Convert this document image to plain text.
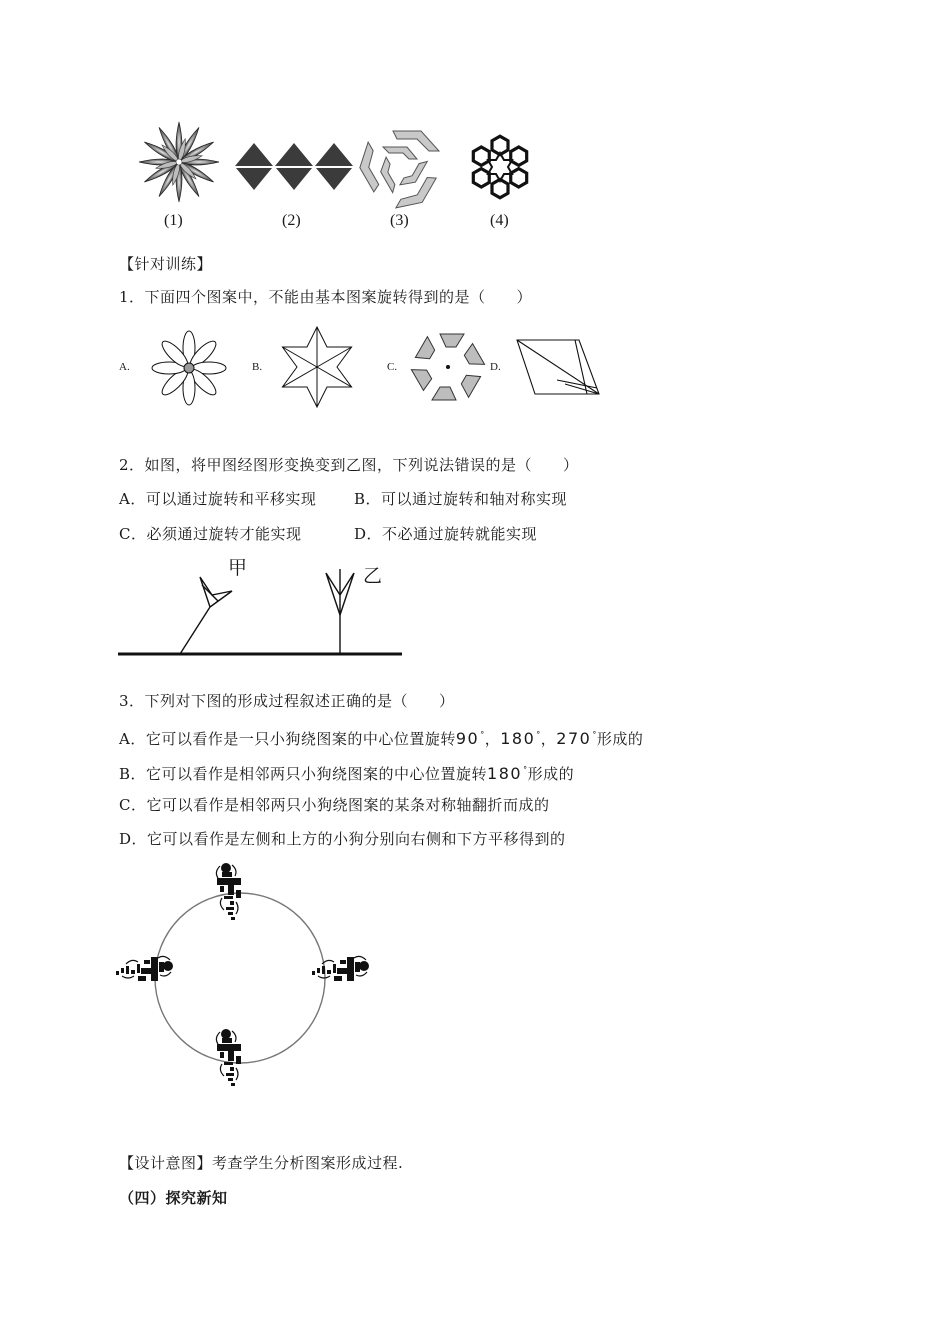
(1)	(2)	(3)	(4)
【针对训练】
1．下面四个图案中，不能由基本图案旋转得到的是（　　）
A.	B.	C.	D.
2．如图，将甲图经图形变换变到乙图，下列说法错误的是（　　）
A．可以通过旋转和平移实现	B．可以通过旋转和轴对称实现
C．必须通过旋转才能实现	D．不必通过旋转就能实现
甲	乙
3．下列对下图的形成过程叙述正确的是（　　）
A．它可以看作是一只小狗绕图案的中心位置旋转90°，180°，270°形成的
B．它可以看作是相邻两只小狗绕图案的中心位置旋转180°形成的
C．它可以看作是相邻两只小狗绕图案的某条对称轴翻折而成的
D．它可以看作是左侧和上方的小狗分别向右侧和下方平移得到的
【设计意图】考查学生分析图案形成过程.
（四）探究新知
